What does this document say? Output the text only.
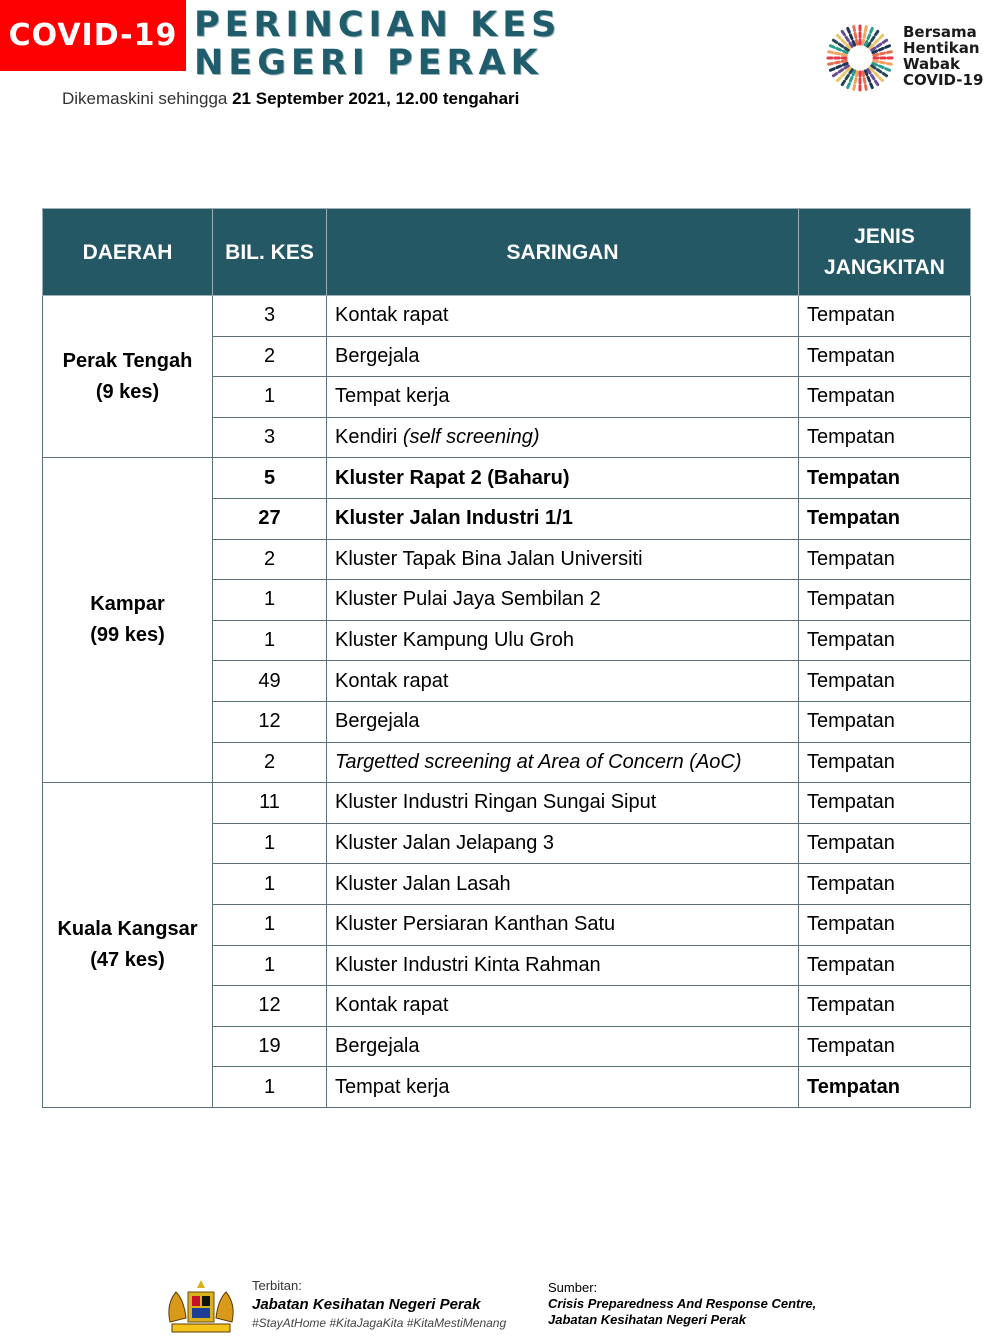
COVID-19 PERINCIAN KES
NEGERI PERAK
Dikemaskini sehingga 21 September 2021, 12.00 tengahari
Bersama
Hentikan
Wabak
COVID-19
DAERAH	BIL. KES	SARINGAN	JENIS JANGKITAN

Perak Tengah
(9 kes)	3	Kontak rapat	Tempatan
	2	Bergejala	Tempatan
	1	Tempat kerja	Tempatan
	3	Kendiri (self screening)	Tempatan

Kampar
(99 kes)	5	Kluster Rapat 2 (Baharu)	Tempatan
	27	Kluster Jalan Industri 1/1	Tempatan
	2	Kluster Tapak Bina Jalan Universiti	Tempatan
	1	Kluster Pulai Jaya Sembilan 2	Tempatan
	1	Kluster Kampung Ulu Groh	Tempatan
	49	Kontak rapat	Tempatan
	12	Bergejala	Tempatan
	2	Targetted screening at Area of Concern (AoC)	Tempatan

Kuala Kangsar
(47 kes)	11	Kluster Industri Ringan Sungai Siput	Tempatan
	1	Kluster Jalan Jelapang 3	Tempatan
	1	Kluster Jalan Lasah	Tempatan
	1	Kluster Persiaran Kanthan Satu	Tempatan
	1	Kluster Industri Kinta Rahman	Tempatan
	12	Kontak rapat	Tempatan
	19	Bergejala	Tempatan
	1	Tempat kerja	Tempatan
Terbitan:
Jabatan Kesihatan Negeri Perak
#StayAtHome #KitaJagaKita #KitaMestiMenang
Sumber:
Crisis Preparedness And Response Centre,
Jabatan Kesihatan Negeri Perak
